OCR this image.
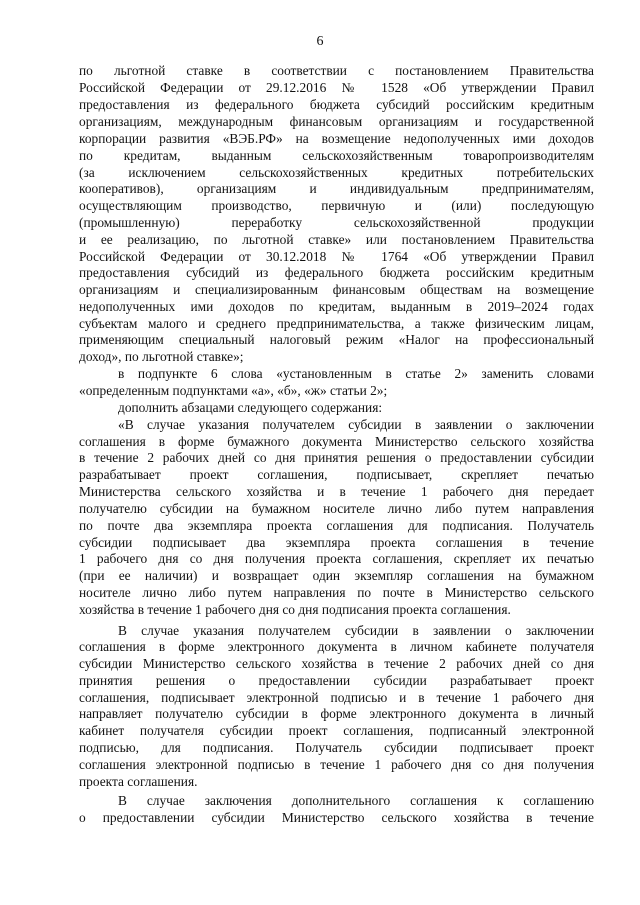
6
по льготной ставке в соответствии с постановлением Правительства
Российской Федерации от 29.12.2016 № 1528 «Об утверждении Правил
предоставления из федерального бюджета субсидий российским кредитным
организациям, международным финансовым организациям и государственной
корпорации развития «ВЭБ.РФ» на возмещение недополученных ими доходов
по кредитам, выданным сельскохозяйственным товаропроизводителям
(за исключением сельскохозяйственных кредитных потребительских
кооперативов), организациям и индивидуальным предпринимателям,
осуществляющим производство, первичную и (или) последующую
(промышленную) переработку сельскохозяйственной продукции
и ее реализацию, по льготной ставке» или постановлением Правительства
Российской Федерации от 30.12.2018 № 1764 «Об утверждении Правил
предоставления субсидий из федерального бюджета российским кредитным
организациям и специализированным финансовым обществам на возмещение
недополученных ими доходов по кредитам, выданным в 2019–2024 годах
субъектам малого и среднего предпринимательства, а также физическим лицам,
применяющим специальный налоговый режим «Налог на профессиональный
доход», по льготной ставке»;
в подпункте 6 слова «установленным в статье 2» заменить словами
«определенным подпунктами «а», «б», «ж» статьи 2»;
дополнить абзацами следующего содержания:
«В случае указания получателем субсидии в заявлении о заключении
соглашения в форме бумажного документа Министерство сельского хозяйства
в течение 2 рабочих дней со дня принятия решения о предоставлении субсидии
разрабатывает проект соглашения, подписывает, скрепляет печатью
Министерства сельского хозяйства и в течение 1 рабочего дня передает
получателю субсидии на бумажном носителе лично либо путем направления
по почте два экземпляра проекта соглашения для подписания. Получатель
субсидии подписывает два экземпляра проекта соглашения в течение
1 рабочего дня со дня получения проекта соглашения, скрепляет их печатью
(при ее наличии) и возвращает один экземпляр соглашения на бумажном
носителе лично либо путем направления по почте в Министерство сельского
хозяйства в течение 1 рабочего дня со дня подписания проекта соглашения.
В случае указания получателем субсидии в заявлении о заключении
соглашения в форме электронного документа в личном кабинете получателя
субсидии Министерство сельского хозяйства в течение 2 рабочих дней со дня
принятия решения о предоставлении субсидии разрабатывает проект
соглашения, подписывает электронной подписью и в течение 1 рабочего дня
направляет получателю субсидии в форме электронного документа в личный
кабинет получателя субсидии проект соглашения, подписанный электронной
подписью, для подписания. Получатель субсидии подписывает проект
соглашения электронной подписью в течение 1 рабочего дня со дня получения
проекта соглашения.
В случае заключения дополнительного соглашения к соглашению
о предоставлении субсидии Министерство сельского хозяйства в течение
